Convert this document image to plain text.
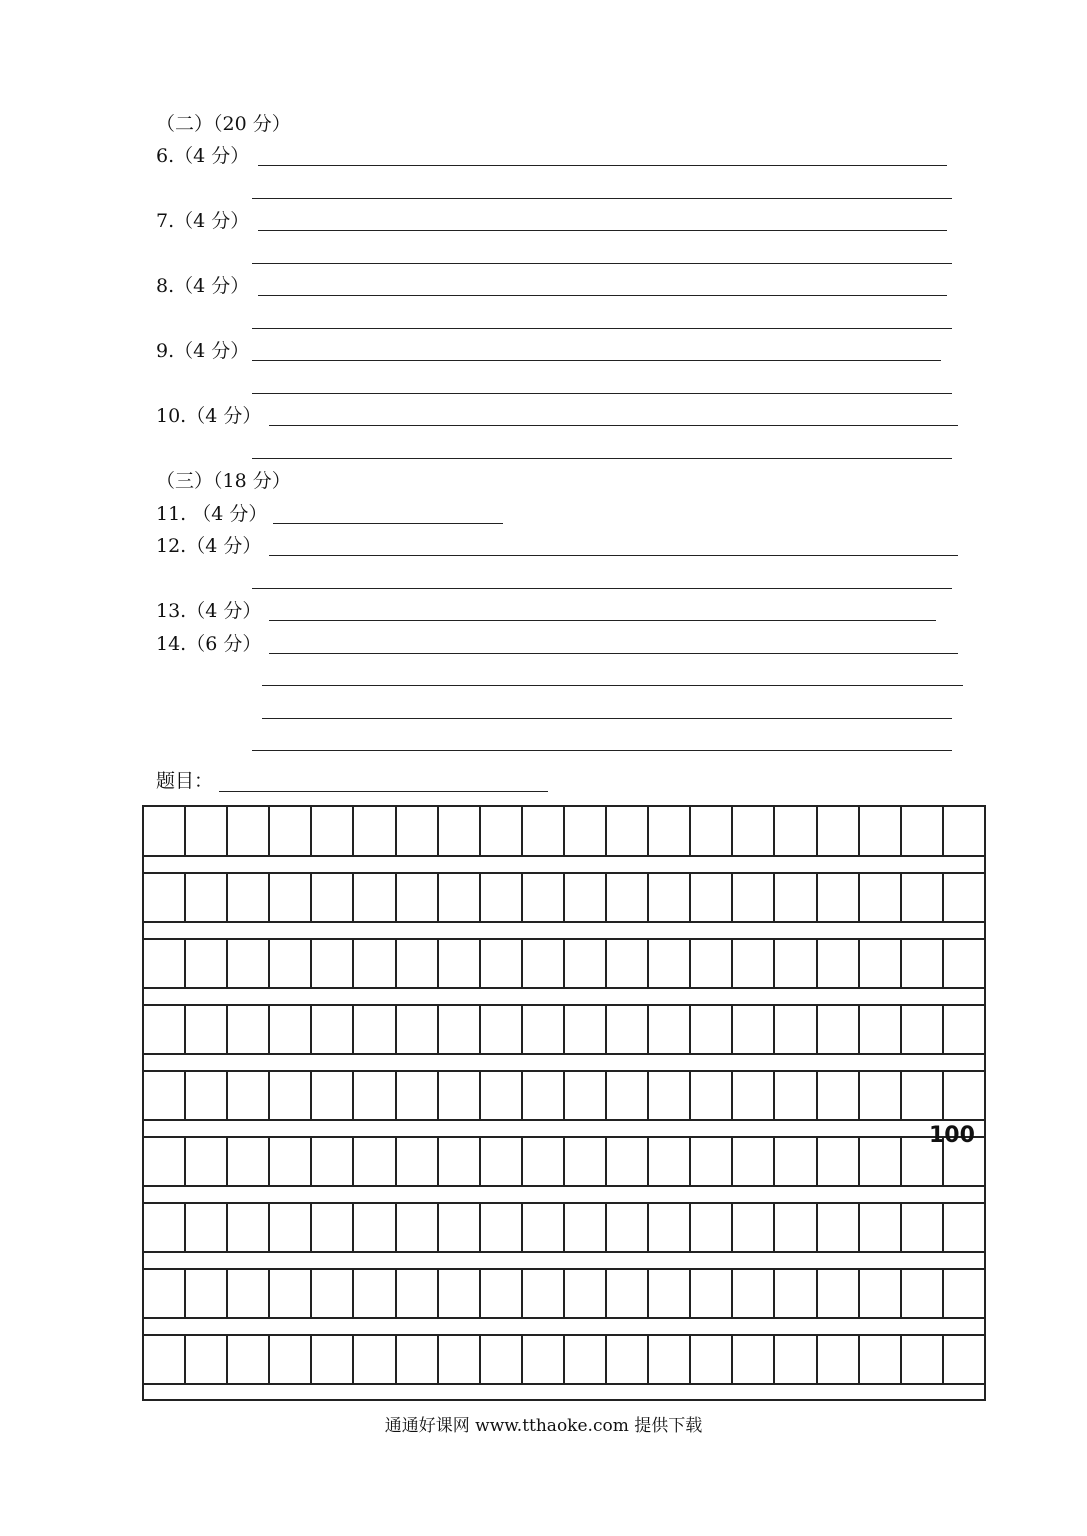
（二）（20 分）
6.（4 分）
7.（4 分）
8.（4 分）
9.（4 分）
10.（4 分）
（三）（18 分）
11. （4 分）
12.（4 分）
13.（4 分）
14.（6 分）
题目：
100
通通好课网 www.tthaoke.com 提供下载
